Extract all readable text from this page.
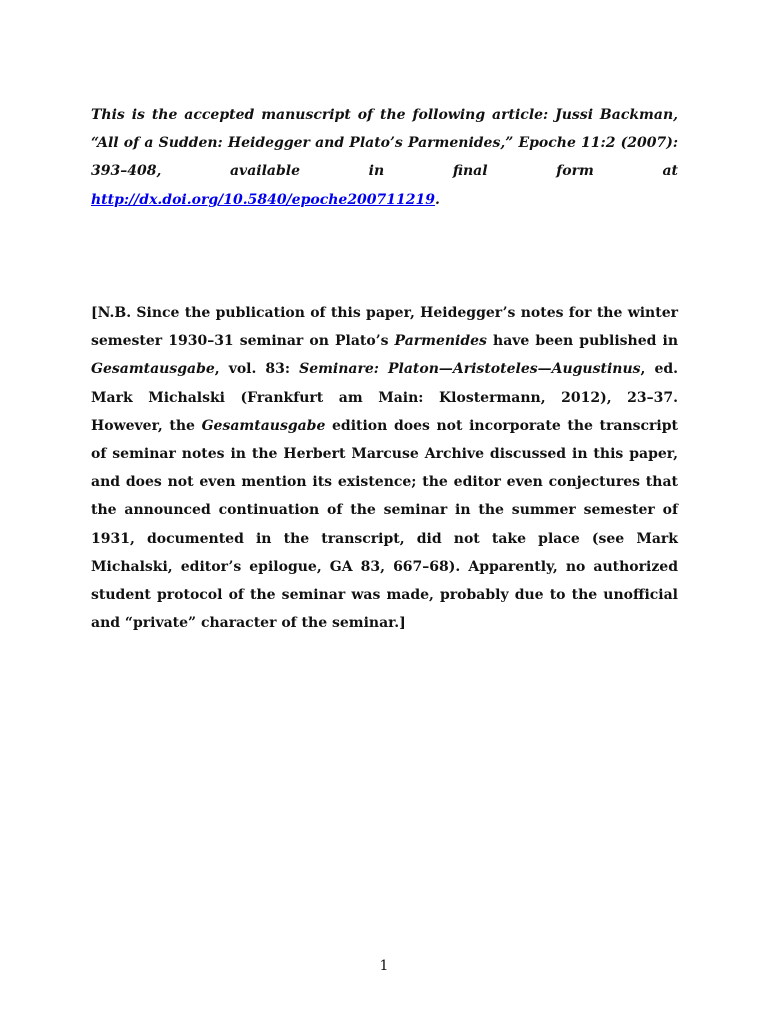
This is the accepted manuscript of the following article: Jussi Backman, “All of a Sudden: Heidegger and Plato’s Parmenides,” Epoche 11:2 (2007): 393–408, available in final form at http://dx.doi.org/10.5840/epoche200711219.

[N.B. Since the publication of this paper, Heidegger’s notes for the winter semester 1930–31 seminar on Plato’s Parmenides have been published in Gesamtausgabe, vol. 83: Seminare: Platon—Aristoteles—Augustinus, ed. Mark Michalski (Frankfurt am Main: Klostermann, 2012), 23–37. However, the Gesamtausgabe edition does not incorporate the transcript of seminar notes in the Herbert Marcuse Archive discussed in this paper, and does not even mention its existence; the editor even conjectures that the announced continuation of the seminar in the summer semester of 1931, documented in the transcript, did not take place (see Mark Michalski, editor’s epilogue, GA 83, 667–68). Apparently, no authorized student protocol of the seminar was made, probably due to the unofficial and “private” character of the seminar.]

1
